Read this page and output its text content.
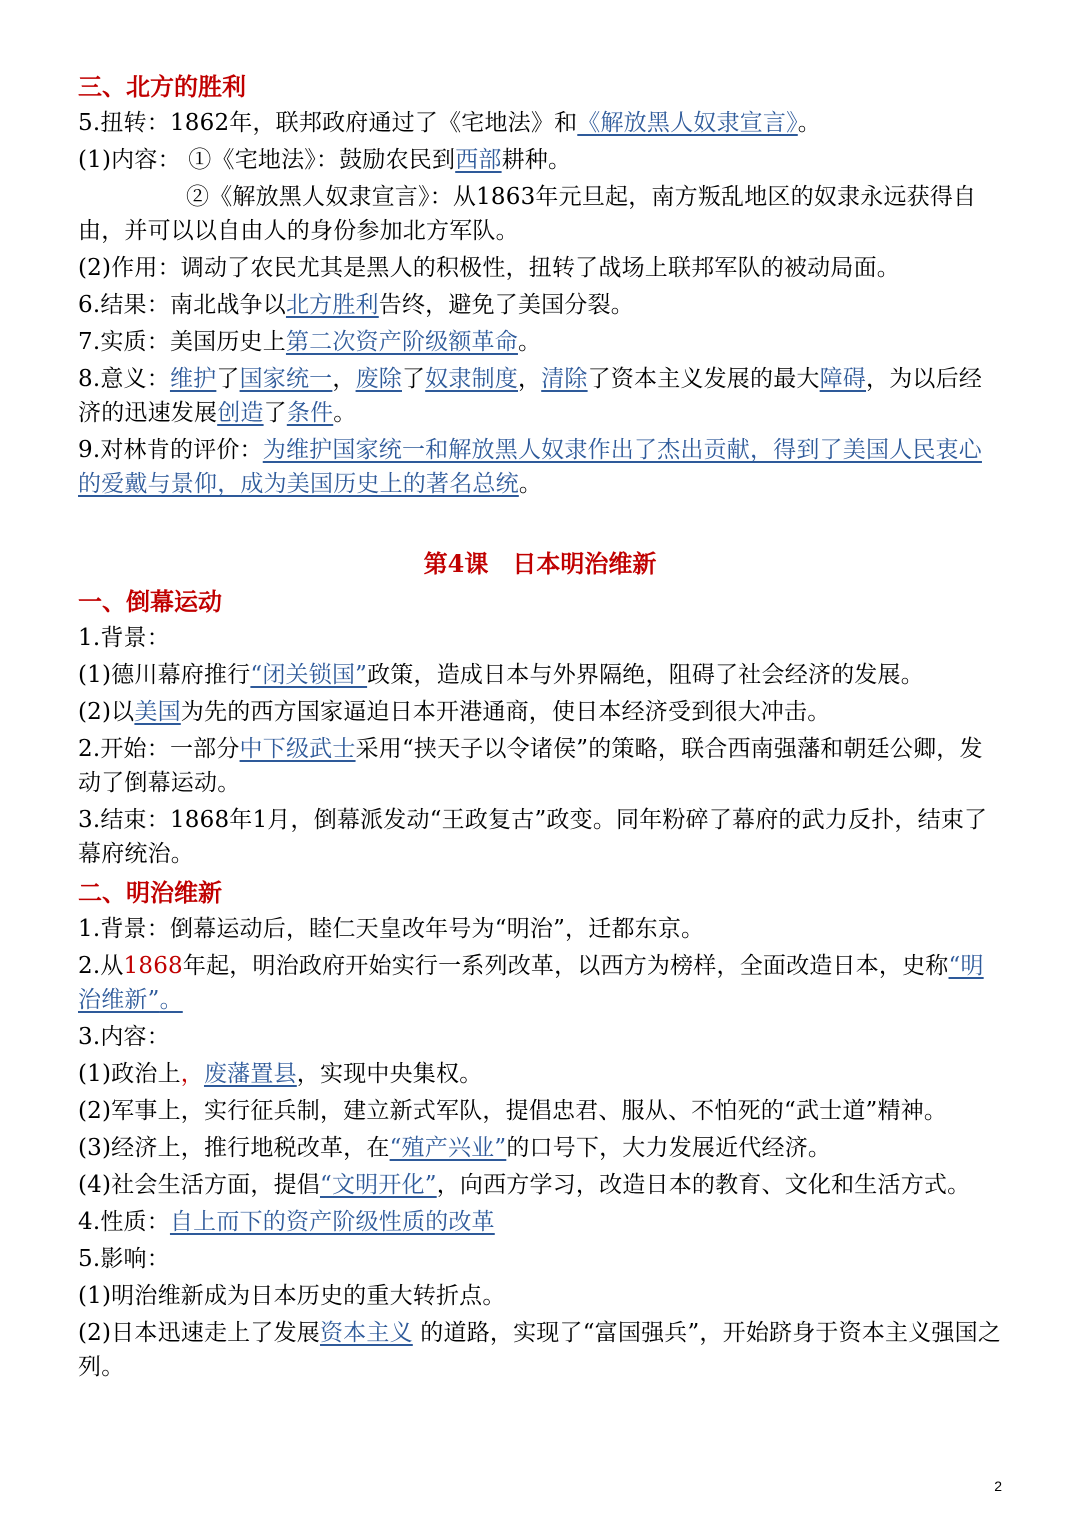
三、北方的胜利

5.扭转：1862年，联邦政府通过了《宅地法》和《解放黑人奴隶宣言》。

(1)内容： ①《宅地法》：鼓励农民到西部耕种。

②《解放黑人奴隶宣言》：从1863年元旦起，南方叛乱地区的奴隶永远获得自由，并可以以自由人的身份参加北方军队。

(2)作用：调动了农民尤其是黑人的积极性，扭转了战场上联邦军队的被动局面。

6.结果：南北战争以北方胜利告终，避免了美国分裂。

7.实质：美国历史上第二次资产阶级额革命。

8.意义：维护了国家统一，废除了奴隶制度，清除了资本主义发展的最大障碍，为以后经济的迅速发展创造了条件。

9.对林肯的评价：为维护国家统一和解放黑人奴隶作出了杰出贡献，得到了美国人民衷心的爱戴与景仰，成为美国历史上的著名总统。

第4课　日本明治维新

一、倒幕运动

1.背景：

(1)德川幕府推行“闭关锁国”政策，造成日本与外界隔绝，阻碍了社会经济的发展。

(2)以美国为先的西方国家逼迫日本开港通商，使日本经济受到很大冲击。

2.开始：一部分中下级武士采用“挟天子以令诸侯”的策略，联合西南强藩和朝廷公卿，发动了倒幕运动。

3.结束：1868年1月，倒幕派发动“王政复古”政变。同年粉碎了幕府的武力反扑，结束了幕府统治。

二、明治维新

1.背景：倒幕运动后，睦仁天皇改年号为“明治”，迁都东京。

2.从1868年起，明治政府开始实行一系列改革，以西方为榜样，全面改造日本，史称“明治维新”。

3.内容：

(1)政治上，废藩置县，实现中央集权。

(2)军事上，实行征兵制，建立新式军队，提倡忠君、服从、不怕死的“武士道”精神。

(3)经济上，推行地税改革，在“殖产兴业”的口号下，大力发展近代经济。

(4)社会生活方面，提倡“文明开化”，向西方学习，改造日本的教育、文化和生活方式。

4.性质：自上而下的资产阶级性质的改革

5.影响：

(1)明治维新成为日本历史的重大转折点。

(2)日本迅速走上了发展资本主义 的道路，实现了“富国强兵”，开始跻身于资本主义强国之列。

2
